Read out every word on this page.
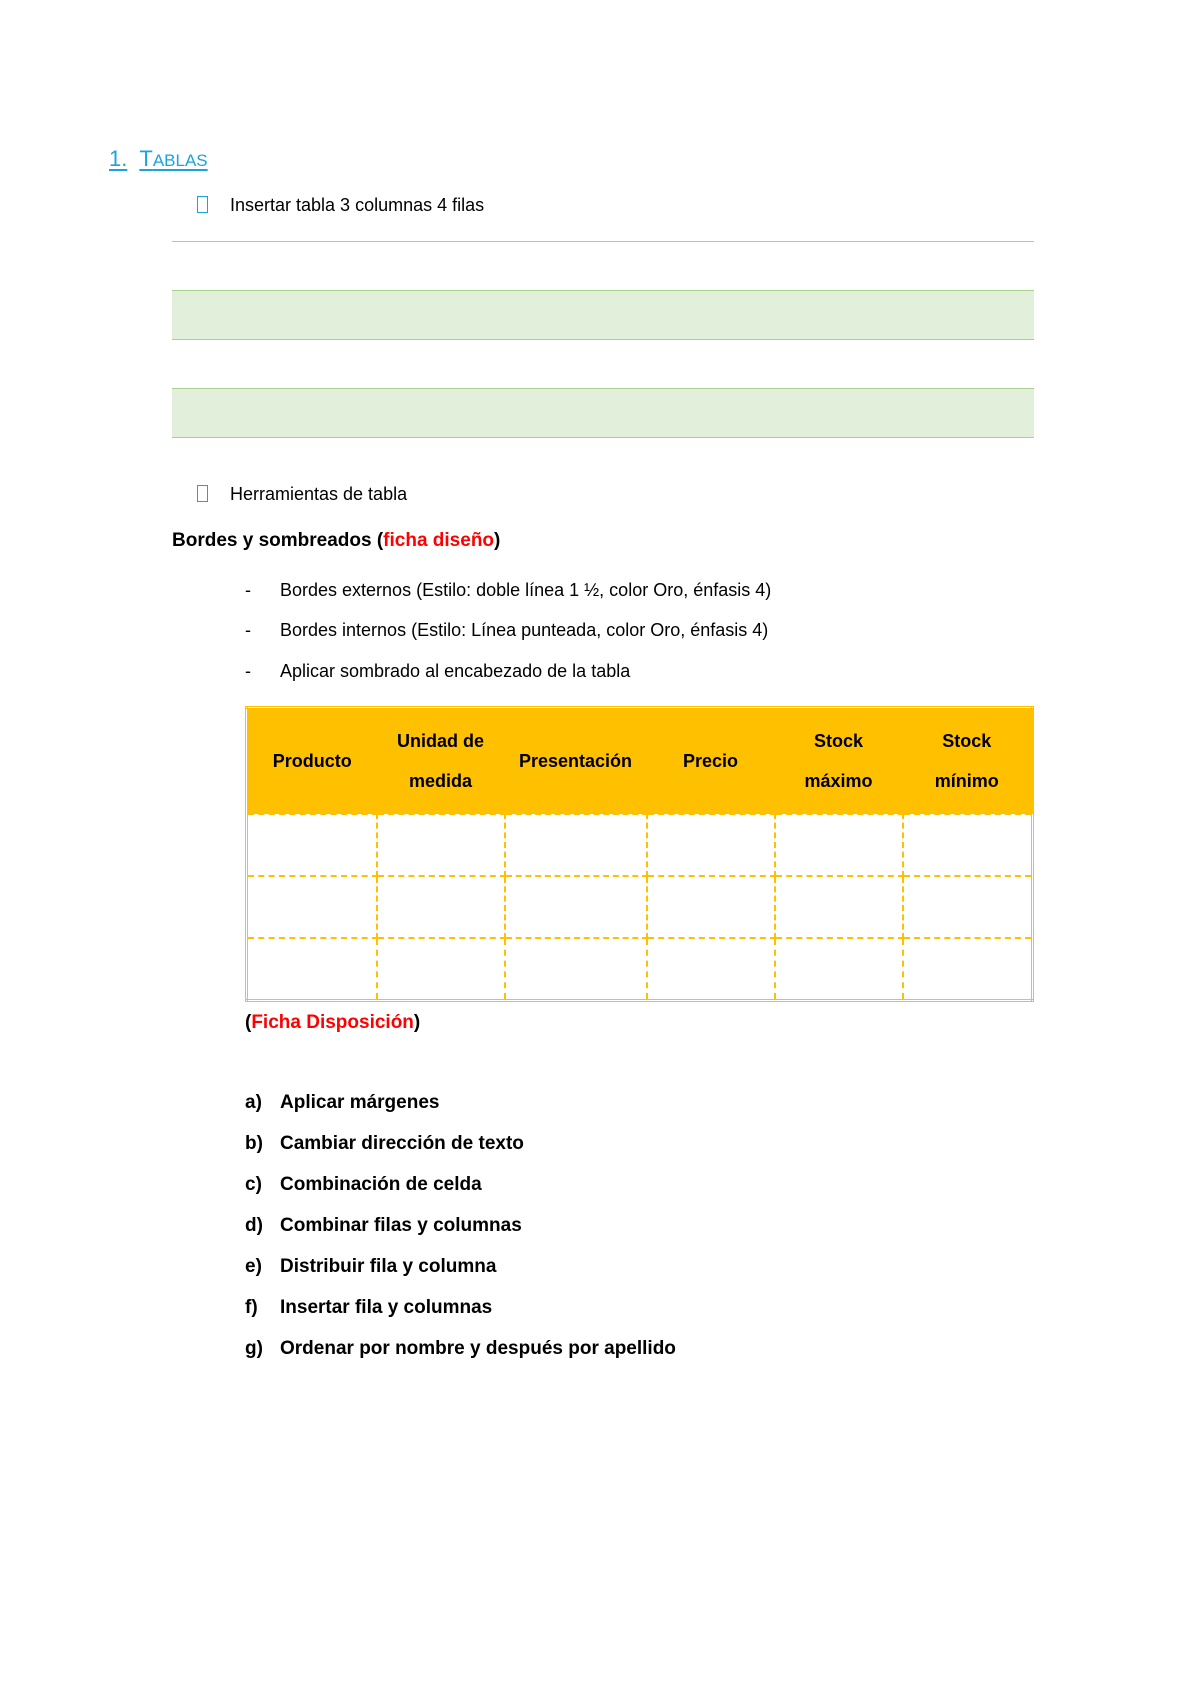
1. TABLAS
Insertar tabla 3 columnas 4 filas
Herramientas de tabla
Bordes y sombreados (ficha diseño)
- Bordes externos (Estilo: doble línea 1 ½, color Oro, énfasis 4)
- Bordes internos (Estilo: Línea punteada, color Oro, énfasis 4)
- Aplicar sombrado al encabezado de la tabla
Producto	Unidad de medida	Presentación	Precio	Stock máximo	Stock mínimo

(Ficha Disposición)
a) Aplicar márgenes
b) Cambiar dirección de texto
c) Combinación de celda
d) Combinar filas y columnas
e) Distribuir fila y columna
f) Insertar fila y columnas
g) Ordenar por nombre y después por apellido
